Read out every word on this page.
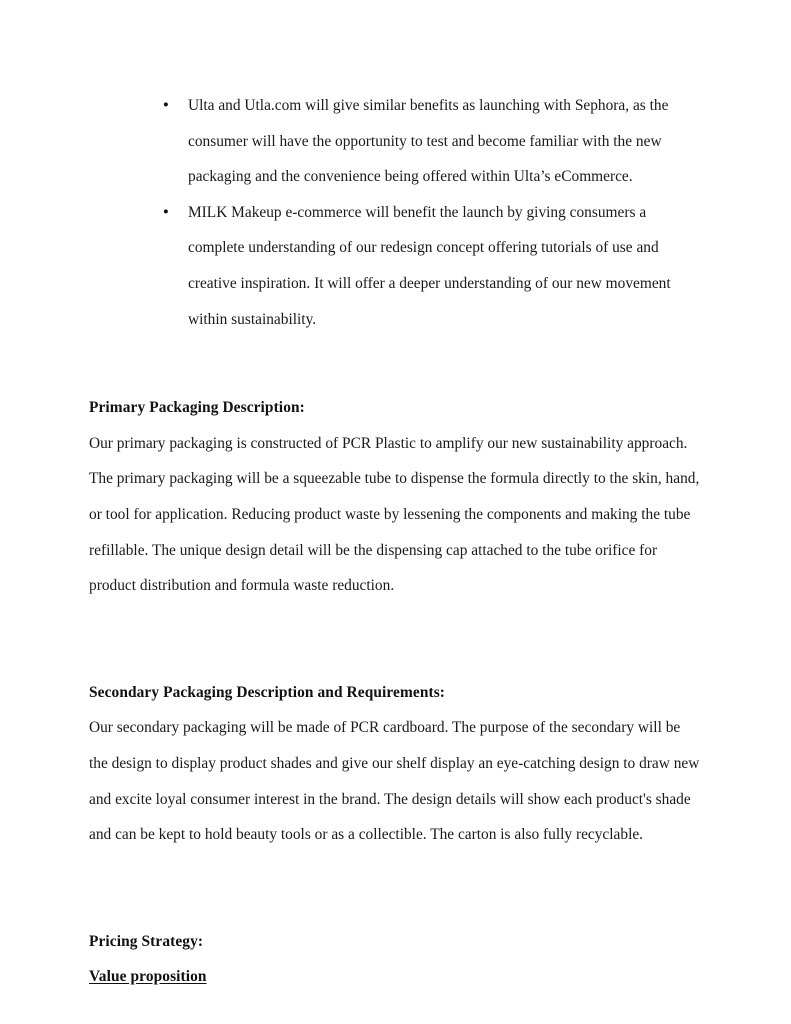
● Ulta and Utla.com will give similar benefits as launching with Sephora, as the consumer will have the opportunity to test and become familiar with the new packaging and the convenience being offered within Ulta’s eCommerce.
● MILK Makeup e-commerce will benefit the launch by giving consumers a complete understanding of our redesign concept offering tutorials of use and creative inspiration. It will offer a deeper understanding of our new movement within sustainability.
Primary Packaging Description:
Our primary packaging is constructed of PCR Plastic to amplify our new sustainability approach. The primary packaging will be a squeezable tube to dispense the formula directly to the skin, hand, or tool for application. Reducing product waste by lessening the components and making the tube refillable. The unique design detail will be the dispensing cap attached to the tube orifice for product distribution and formula waste reduction.
Secondary Packaging Description and Requirements:
Our secondary packaging will be made of PCR cardboard. The purpose of the secondary will be the design to display product shades and give our shelf display an eye-catching design to draw new and excite loyal consumer interest in the brand. The design details will show each product's shade and can be kept to hold beauty tools or as a collectible. The carton is also fully recyclable.
Pricing Strategy:
Value proposition
